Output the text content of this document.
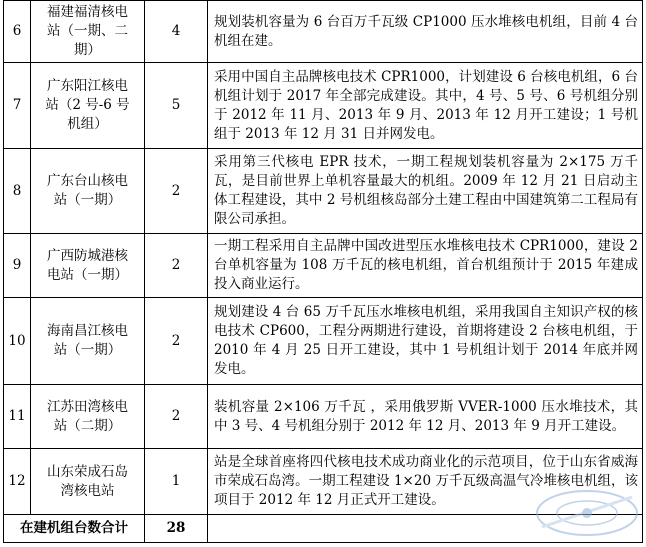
6	福建福清核电站（一期、二期）	4	规划装机容量为 6 台百万千瓦级 CP1000 压水堆核电机组，目前 4 台机组在建。
7	广东阳江核电站（2 号-6 号机组）	5	采用中国自主品牌核电技术 CPR1000，计划建设 6 台核电机组，6 台机组计划于 2017 年全部完成建设。其中，4 号、5 号、6 号机组分别于 2012 年 11 月、2013 年 9 月、2013 年 12 月开工建设；1 号机组于 2013 年 12 月 31 日并网发电。
8	广东台山核电站（一期）	2	采用第三代核电 EPR 技术，一期工程规划装机容量为 2×175 万千瓦，是目前世界上单机容量最大的机组。2009 年 12 月 21 日启动主体工程建设，其中 2 号机组核岛部分土建工程由中国建筑第二工程局有限公司承担。
9	广西防城港核电站（一期）	2	一期工程采用自主品牌中国改进型压水堆核电技术 CPR1000，建设 2 台单机容量为 108 万千瓦的核电机组，首台机组预计于 2015 年建成投入商业运行。
10	海南昌江核电站（一期）	2	规划建设 4 台 65 万千瓦压水堆核电机组，采用我国自主知识产权的核电技术 CP600，工程分两期进行建设，首期将建设 2 台核电机组，于 2010 年 4 月 25 日开工建设，其中 1 号机组计划于 2014 年底并网发电。
11	江苏田湾核电站（二期）	2	装机容量 2×106 万千瓦 ，采用俄罗斯 VVER-1000 压水堆技术，其中 3 号、4 号机组分别于 2012 年 12 月、2013 年 9 月开工建设。
12	山东荣成石岛湾核电站	1	站是全球首座将四代核电技术成功商业化的示范项目，位于山东省威海市荣成石岛湾。一期工程建设 1×20 万千瓦级高温气冷堆核电机组，该项目于 2012 年 12 月正式开工建设。
在建机组台数合计		28	
